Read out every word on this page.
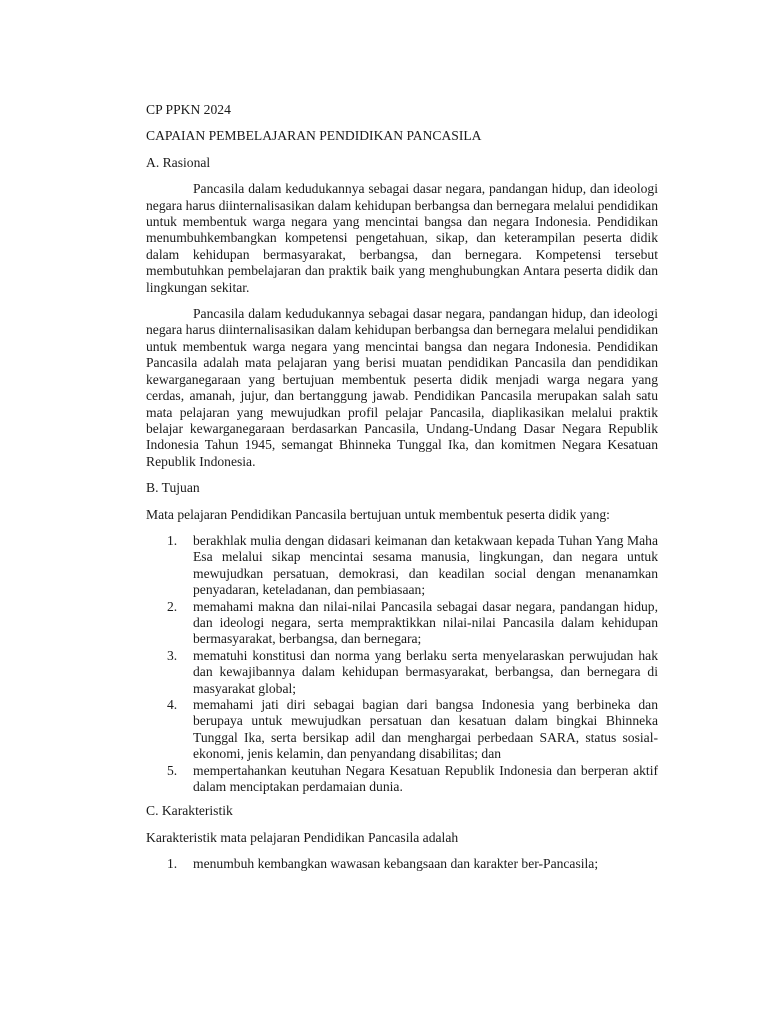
CP PPKN 2024

CAPAIAN PEMBELAJARAN PENDIDIKAN PANCASILA

A. Rasional

Pancasila dalam kedudukannya sebagai dasar negara, pandangan hidup, dan ideologi negara harus diinternalisasikan dalam kehidupan berbangsa dan bernegara melalui pendidikan untuk membentuk warga negara yang mencintai bangsa dan negara Indonesia. Pendidikan menumbuhkembangkan kompetensi pengetahuan, sikap, dan keterampilan peserta didik dalam kehidupan bermasyarakat, berbangsa, dan bernegara. Kompetensi tersebut membutuhkan pembelajaran dan praktik baik yang menghubungkan Antara peserta didik dan lingkungan sekitar.

Pancasila dalam kedudukannya sebagai dasar negara, pandangan hidup, dan ideologi negara harus diinternalisasikan dalam kehidupan berbangsa dan bernegara melalui pendidikan untuk membentuk warga negara yang mencintai bangsa dan negara Indonesia. Pendidikan Pancasila adalah mata pelajaran yang berisi muatan pendidikan Pancasila dan pendidikan kewarganegaraan yang bertujuan membentuk peserta didik menjadi warga negara yang cerdas, amanah, jujur, dan bertanggung jawab. Pendidikan Pancasila merupakan salah satu mata pelajaran yang mewujudkan profil pelajar Pancasila, diaplikasikan melalui praktik belajar kewarganegaraan berdasarkan Pancasila, Undang-Undang Dasar Negara Republik Indonesia Tahun 1945, semangat Bhinneka Tunggal Ika, dan komitmen Negara Kesatuan Republik Indonesia.

B. Tujuan

Mata pelajaran Pendidikan Pancasila bertujuan untuk membentuk peserta didik yang:

1. berakhlak mulia dengan didasari keimanan dan ketakwaan kepada Tuhan Yang Maha Esa melalui sikap mencintai sesama manusia, lingkungan, dan negara untuk mewujudkan persatuan, demokrasi, dan keadilan social dengan menanamkan penyadaran, keteladanan, dan pembiasaan;
2. memahami makna dan nilai-nilai Pancasila sebagai dasar negara, pandangan hidup, dan ideologi negara, serta mempraktikkan nilai-nilai Pancasila dalam kehidupan bermasyarakat, berbangsa, dan bernegara;
3. mematuhi konstitusi dan norma yang berlaku serta menyelaraskan perwujudan hak dan kewajibannya dalam kehidupan bermasyarakat, berbangsa, dan bernegara di masyarakat global;
4. memahami jati diri sebagai bagian dari bangsa Indonesia yang berbineka dan berupaya untuk mewujudkan persatuan dan kesatuan dalam bingkai Bhinneka Tunggal Ika, serta bersikap adil dan menghargai perbedaan SARA, status sosial-ekonomi, jenis kelamin, dan penyandang disabilitas; dan
5. mempertahankan keutuhan Negara Kesatuan Republik Indonesia dan berperan aktif dalam menciptakan perdamaian dunia.

C. Karakteristik

Karakteristik mata pelajaran Pendidikan Pancasila adalah

1. menumbuh kembangkan wawasan kebangsaan dan karakter ber-Pancasila;
